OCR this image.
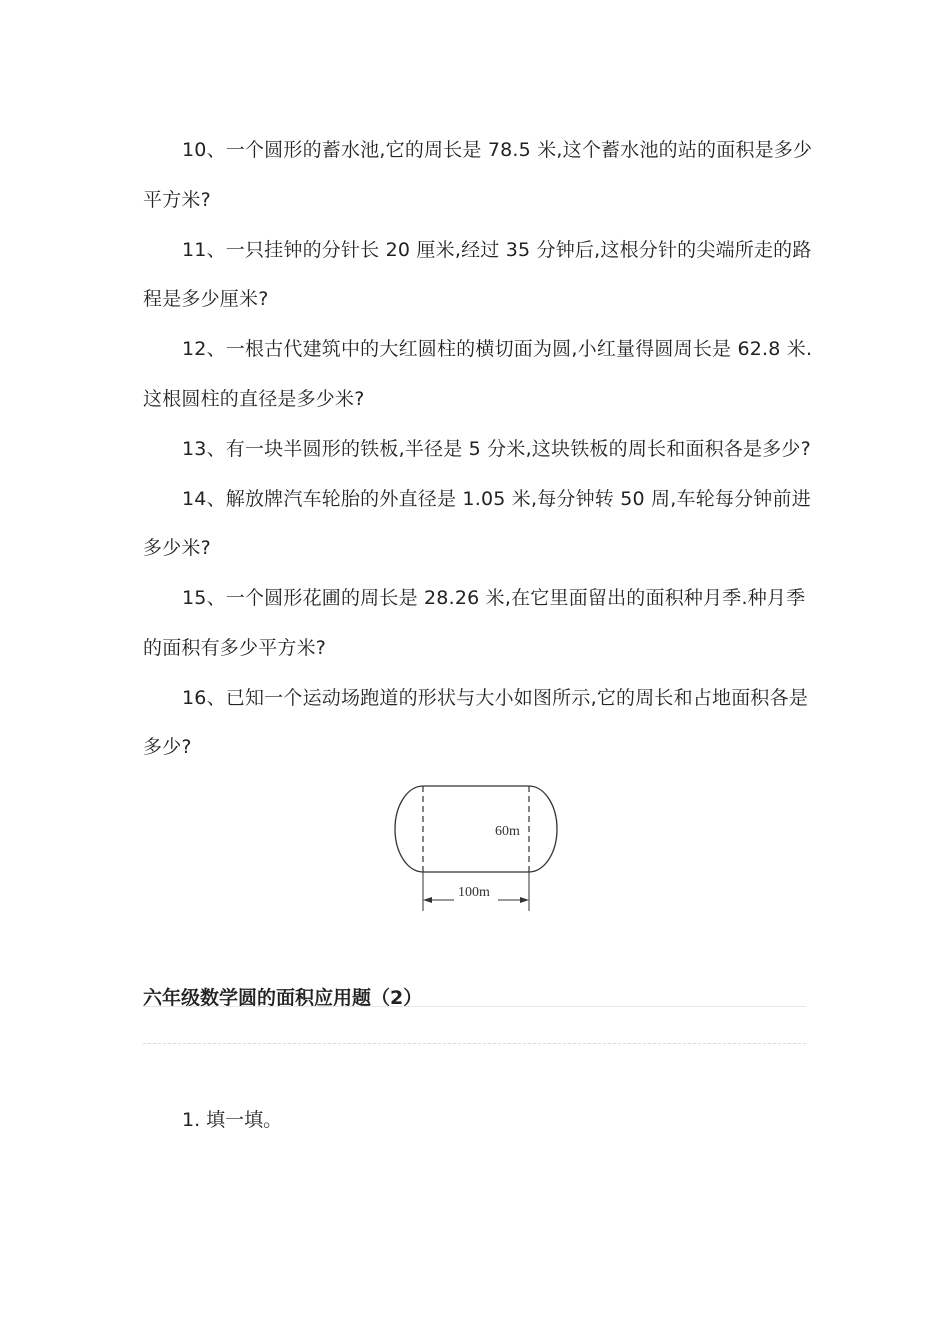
10、一个圆形的蓄水池,它的周长是 78.5 米,这个蓄水池的站的面积是多少
平方米?
11、一只挂钟的分针长 20 厘米,经过 35 分钟后,这根分针的尖端所走的路
程是多少厘米?
12、一根古代建筑中的大红圆柱的横切面为圆,小红量得圆周长是 62.8 米.
这根圆柱的直径是多少米?
13、有一块半圆形的铁板,半径是 5 分米,这块铁板的周长和面积各是多少?
14、解放牌汽车轮胎的外直径是 1.05 米,每分钟转 50 周,车轮每分钟前进
多少米?
15、一个圆形花圃的周长是 28.26 米,在它里面留出的面积种月季.种月季
的面积有多少平方米?
16、已知一个运动场跑道的形状与大小如图所示,它的周长和占地面积各是
多少?
60m
100m
六年级数学圆的面积应用题（2）
1. 填一填。
